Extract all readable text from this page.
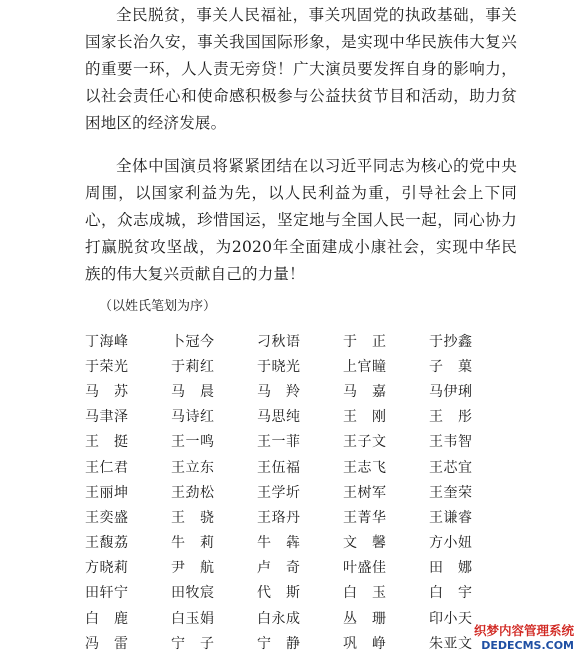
全民脱贫，事关人民福祉，事关巩固党的执政基础，事关国家长治久安，事关我国国际形象，是实现中华民族伟大复兴的重要一环，人人责无旁贷！广大演员要发挥自身的影响力，以社会责任心和使命感积极参与公益扶贫节目和活动，助力贫困地区的经济发展。

全体中国演员将紧紧团结在以习近平同志为核心的党中央周围，以国家利益为先，以人民利益为重，引导社会上下同心，众志成城，珍惜国运，坚定地与全国人民一起，同心协力打赢脱贫攻坚战，为2020年全面建成小康社会，实现中华民族的伟大复兴贡献自己的力量！

（以姓氏笔划为序）

丁海峰	卜冠今	刁秋语	于　正	于抄鑫
于荣光	于莉红	于晓光	上官瞳	子　菓
马　苏	马　晨	马　羚	马　嘉	马伊琍
马聿泽	马诗红	马思纯	王　刚	王　彤
王　挺	王一鸣	王一菲	王子文	王韦智
王仁君	王立东	王伍福	王志飞	王芯宜
王丽坤	王劲松	王学圻	王树军	王奎荣
王奕盛	王　骁	王珞丹	王菁华	王谦睿
王馥荔	牛　莉	牛　犇	文　馨	方小妞
方晓莉	尹　航	卢　奇	叶盛佳	田　娜
田轩宁	田牧宸	代　斯	白　玉	白　宇
白　鹿	白玉娟	白永成	丛　珊	印小天
冯　雷	宁　子	宁　静	巩　峥	朱亚文
织梦内容管理系统
DEDECMS.COM
